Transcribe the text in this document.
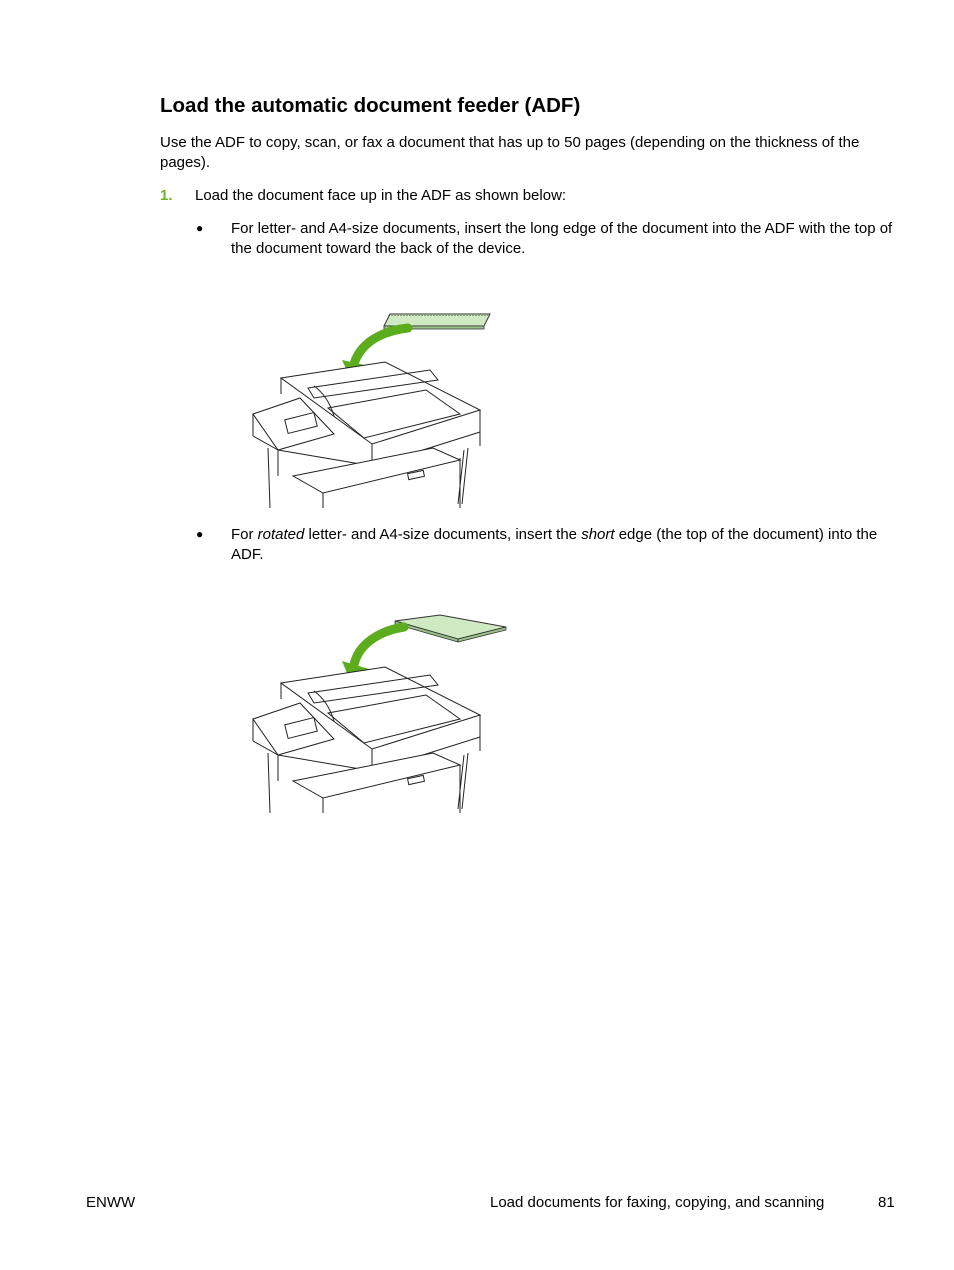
Load the automatic document feeder (ADF)

Use the ADF to copy, scan, or fax a document that has up to 50 pages (depending on the thickness of the pages).

1. Load the document face up in the ADF as shown below:
● For letter- and A4-size documents, insert the long edge of the document into the ADF with the top of the document toward the back of the device.
● For rotated letter- and A4-size documents, insert the short edge (the top of the document) into the ADF.
ENWW	Load documents for faxing, copying, and scanning	81
